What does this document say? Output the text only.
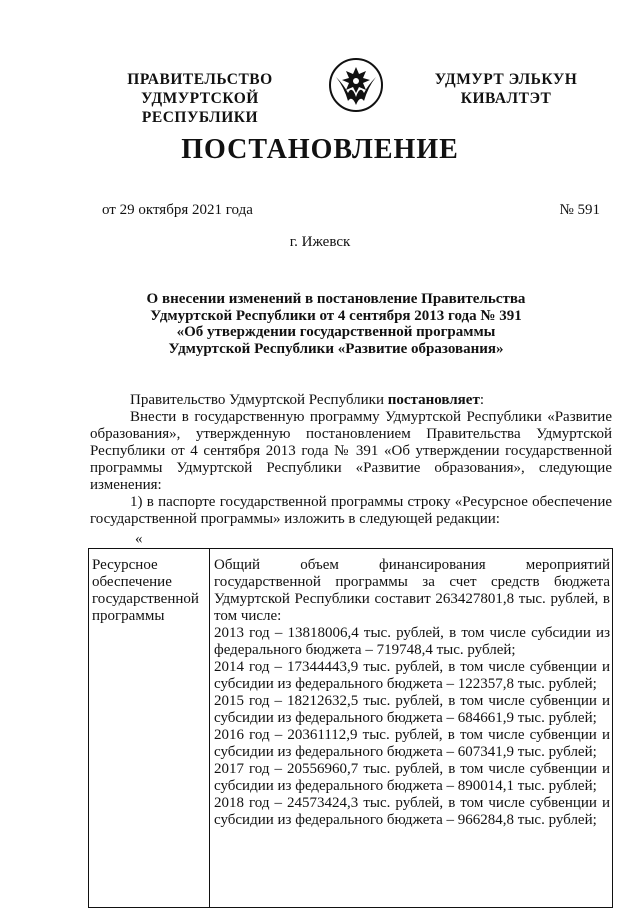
ПРАВИТЕЛЬСТВО
УДМУРТСКОЙ РЕСПУБЛИКИ
УДМУРТ ЭЛЬКУН
КИВАЛТЭТ
ПОСТАНОВЛЕНИЕ
от 29 октября 2021 года	№ 591
г. Ижевск
О внесении изменений в постановление Правительства
Удмуртской Республики от 4 сентября 2013 года № 391
«Об утверждении государственной программы
Удмуртской Республики «Развитие образования»

Правительство Удмуртской Республики постановляет:

Внести в государственную программу Удмуртской Республики «Развитие образования», утвержденную постановлением Правительства Удмуртской Республики от 4 сентября 2013 года № 391 «Об утверждении государственной программы Удмуртской Республики «Развитие образования», следующие изменения:

1) в паспорте государственной программы строку «Ресурсное обеспечение государственной программы» изложить в следующей редакции:

«
Ресурсное обеспечение государственной программы

Общий объем финансирования мероприятий государственной программы за счет средств бюджета Удмуртской Республики составит 263427801,8 тыс. рублей, в том числе:

2013 год – 13818006,4 тыс. рублей, в том числе субсидии из федерального бюджета – 719748,4 тыс. рублей;

2014 год – 17344443,9 тыс. рублей, в том числе субвенции и субсидии из федерального бюджета – 122357,8 тыс. рублей;

2015 год – 18212632,5 тыс. рублей, в том числе субвенции и субсидии из федерального бюджета – 684661,9 тыс. рублей;

2016 год – 20361112,9 тыс. рублей, в том числе субвенции и субсидии из федерального бюджета – 607341,9 тыс. рублей;

2017 год – 20556960,7 тыс. рублей, в том числе субвенции и субсидии из федерального бюджета – 890014,1 тыс. рублей;

2018 год – 24573424,3 тыс. рублей, в том числе субвенции и субсидии из федерального бюджета – 966284,8 тыс. рублей;
